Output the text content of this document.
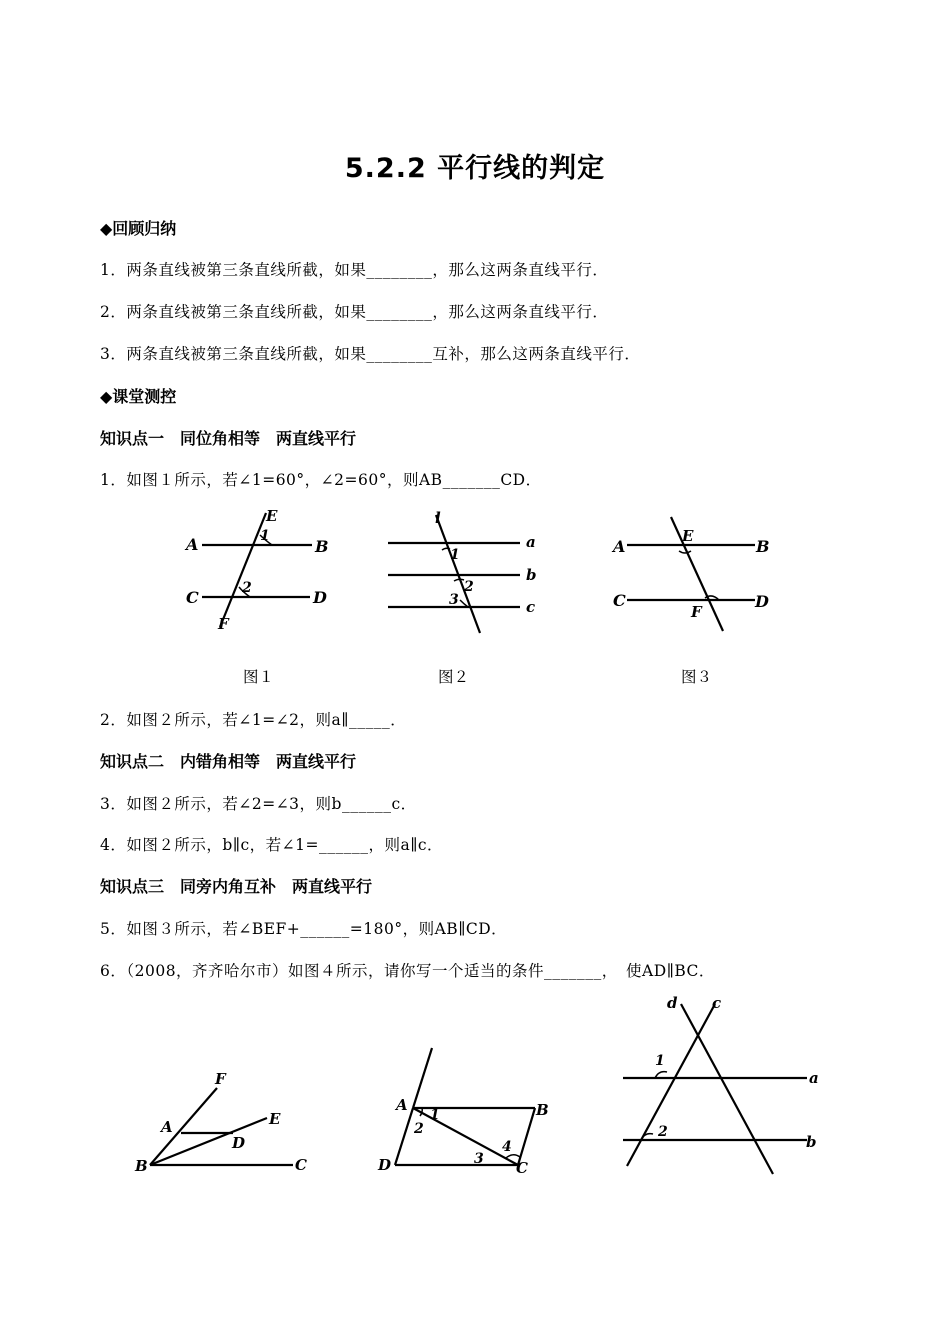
5.2.2 平行线的判定
◆回顾归纳
1．两条直线被第三条直线所截，如果________，那么这两条直线平行．
2．两条直线被第三条直线所截，如果________，那么这两条直线平行．
3．两条直线被第三条直线所截，如果________互补，那么这两条直线平行．
◆课堂测控
知识点一　同位角相等　两直线平行
1．如图１所示，若∠1=60°，∠2=60°，则AB_______CD．
A	B
C	D
E
F
1
2
l
a
b
c
1
2
3
A	B
C	D
E
F
图１	图２	图３
2．如图２所示，若∠1=∠2，则a∥_____．
知识点二　内错角相等　两直线平行
3．如图２所示，若∠2=∠3，则b______c．
4．如图２所示，b∥c，若∠1=______，则a∥c．
知识点三　同旁内角互补　两直线平行
5．如图３所示，若∠BEF+______=180°，则AB∥CD．
6．（2008，齐齐哈尔市）如图４所示，请你写一个适当的条件_______，　使AD∥BC．
F
A	E
D
B	C
A	B
D	C
1
2
3
4
d c
a
b
1
2
